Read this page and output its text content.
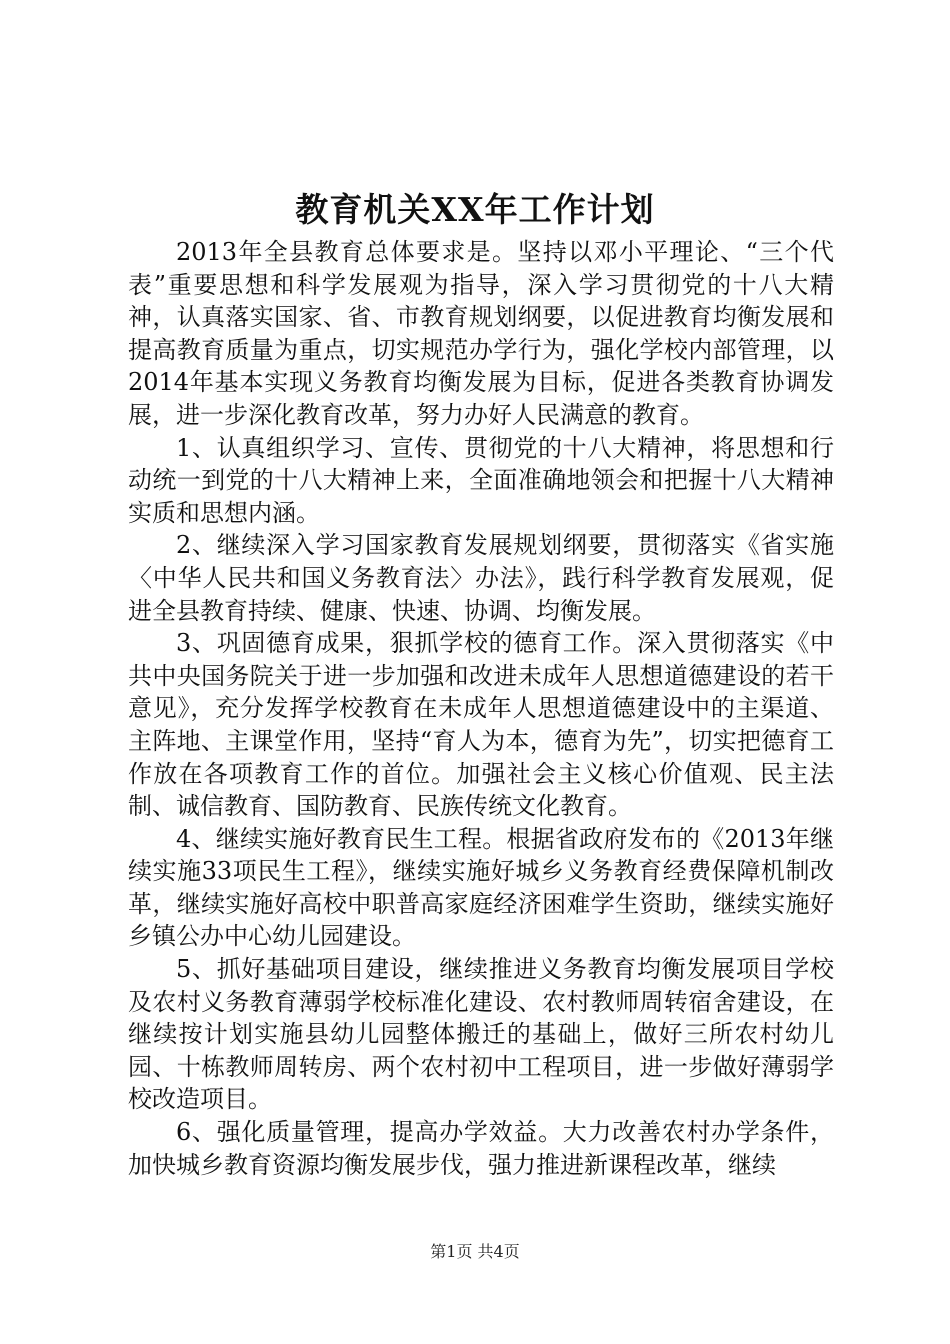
教育机关XX年工作计划

2013年全县教育总体要求是。坚持以邓小平理论、“三个代表”重要思想和科学发展观为指导，深入学习贯彻党的十八大精神，认真落实国家、省、市教育规划纲要，以促进教育均衡发展和提高教育质量为重点，切实规范办学行为，强化学校内部管理，以2014年基本实现义务教育均衡发展为目标，促进各类教育协调发展，进一步深化教育改革，努力办好人民满意的教育。

1、认真组织学习、宣传、贯彻党的十八大精神，将思想和行动统一到党的十八大精神上来，全面准确地领会和把握十八大精神实质和思想内涵。

2、继续深入学习国家教育发展规划纲要，贯彻落实《省实施〈中华人民共和国义务教育法〉办法》，践行科学教育发展观，促进全县教育持续、健康、快速、协调、均衡发展。

3、巩固德育成果，狠抓学校的德育工作。深入贯彻落实《中共中央国务院关于进一步加强和改进未成年人思想道德建设的若干意见》，充分发挥学校教育在未成年人思想道德建设中的主渠道、主阵地、主课堂作用，坚持“育人为本，德育为先”，切实把德育工作放在各项教育工作的首位。加强社会主义核心价值观、民主法制、诚信教育、国防教育、民族传统文化教育。

4、继续实施好教育民生工程。根据省政府发布的《2013年继续实施33项民生工程》，继续实施好城乡义务教育经费保障机制改革，继续实施好高校中职普高家庭经济困难学生资助，继续实施好乡镇公办中心幼儿园建设。

5、抓好基础项目建设，继续推进义务教育均衡发展项目学校及农村义务教育薄弱学校标准化建设、农村教师周转宿舍建设，在继续按计划实施县幼儿园整体搬迁的基础上，做好三所农村幼儿园、十栋教师周转房、两个农村初中工程项目，进一步做好薄弱学校改造项目。

6、强化质量管理，提高办学效益。大力改善农村办学条件，加快城乡教育资源均衡发展步伐，强力推进新课程改革，继续

第1页 共4页
